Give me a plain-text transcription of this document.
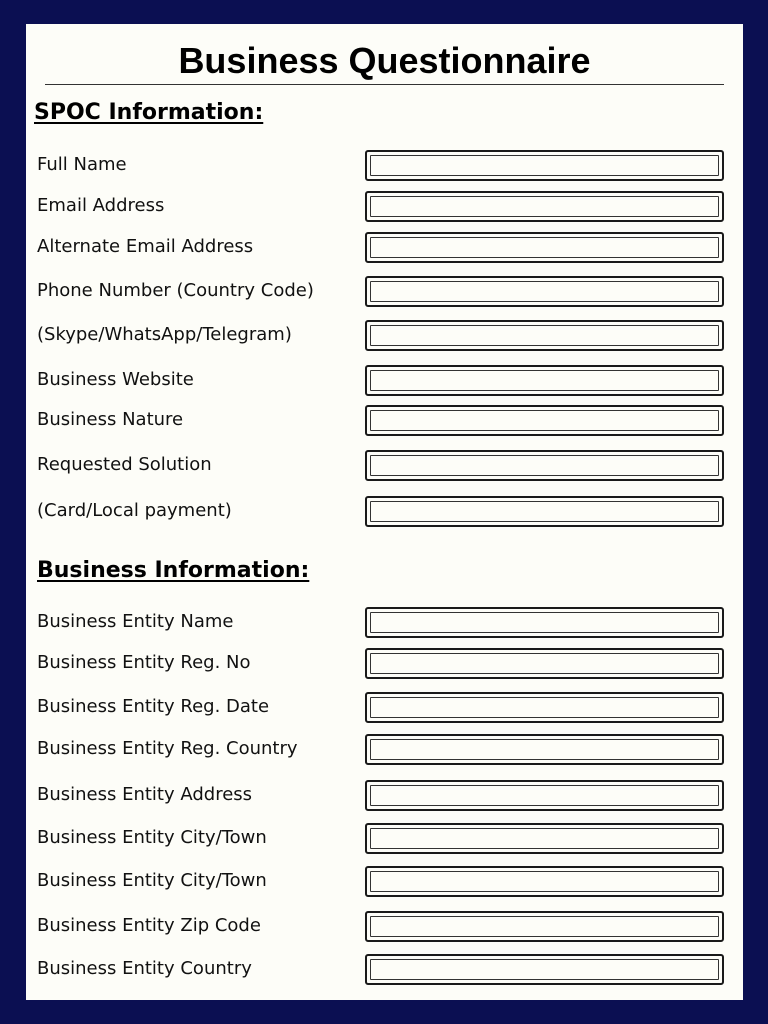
Business Questionnaire
SPOC Information:
Full Name
Email Address
Alternate Email Address
Phone Number (Country Code)
(Skype/WhatsApp/Telegram)
Business Website
Business Nature
Requested Solution
(Card/Local payment)
Business Information:
Business Entity Name
Business Entity Reg. No
Business Entity Reg. Date
Business Entity Reg. Country
Business Entity Address
Business Entity City/Town
Business Entity City/Town
Business Entity Zip Code
Business Entity Country
